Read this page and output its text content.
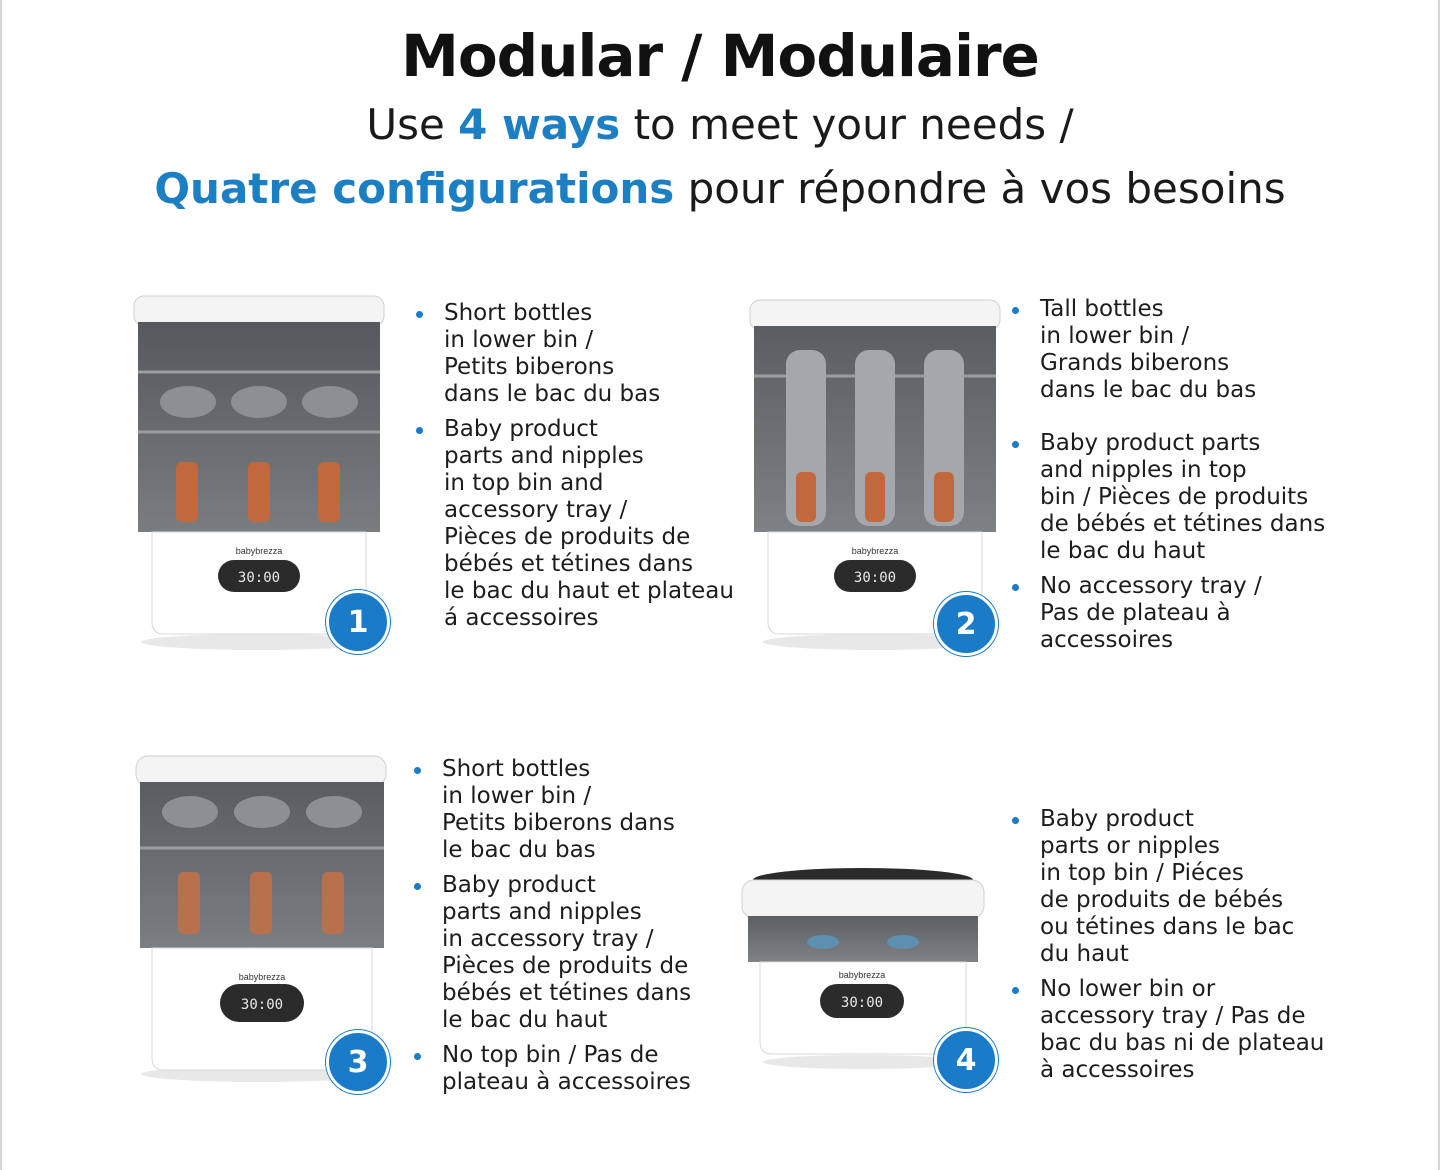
Modular / Modulaire
Use 4 ways to meet your needs /
Quatre configurations pour répondre à vos besoins
babybrezza
30:00
1
Short bottles
in lower bin /
Petits biberons
dans le bac du bas
Baby product
parts and nipples
in top bin and
accessory tray /
Pièces de produits de
bébés et tétines dans
le bac du haut et plateau
á accessoires
babybrezza
30:00
2
Tall bottles
in lower bin /
Grands biberons
dans le bac du bas
Baby product parts
and nipples in top
bin / Pièces de produits
de bébés et tétines dans
le bac du haut
No accessory tray /
Pas de plateau à
accessoires
babybrezza
30:00
3
Short bottles
in lower bin /
Petits biberons dans
le bac du bas
Baby product
parts and nipples
in accessory tray /
Pièces de produits de
bébés et tétines dans
le bac du haut
No top bin / Pas de
plateau à accessoires
babybrezza
30:00
4
Baby product
parts or nipples
in top bin / Piéces
de produits de bébés
ou tétines dans le bac
du haut
No lower bin or
accessory tray / Pas de
bac du bas ni de plateau
à accessoires
